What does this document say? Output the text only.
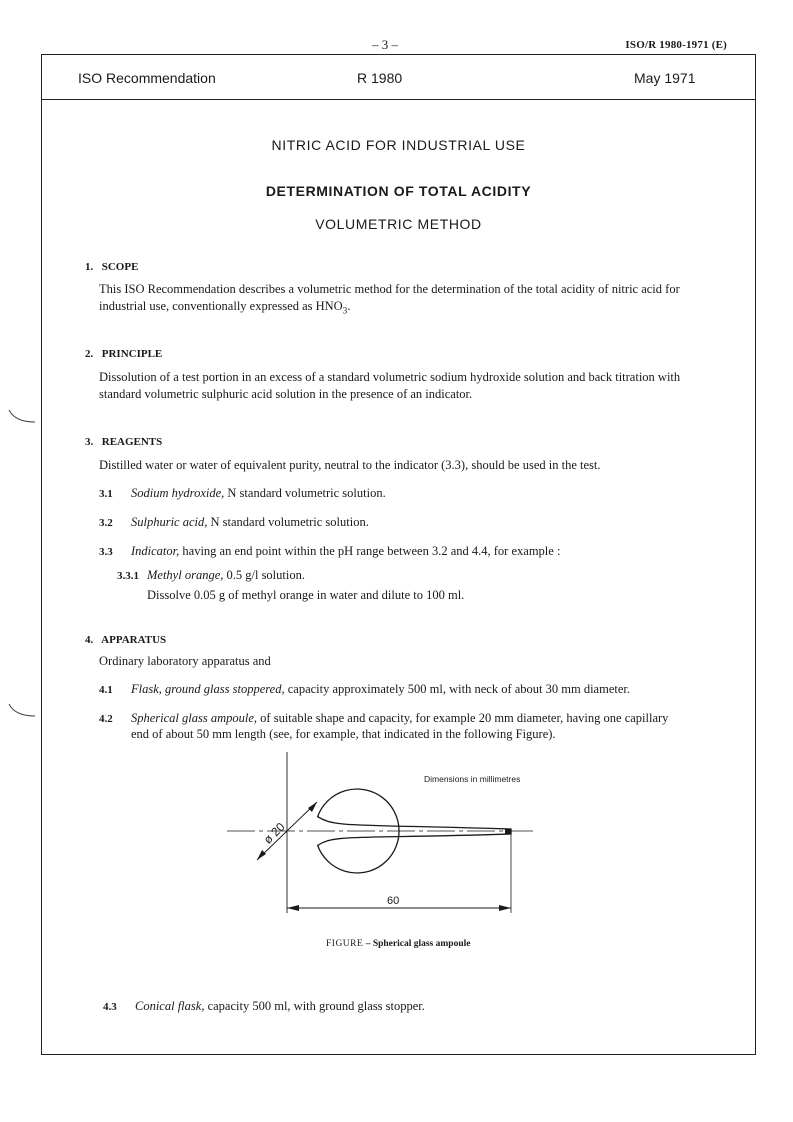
– 3 –	ISO/R 1980-1971 (E)
ISO Recommendation	R 1980	May 1971
NITRIC ACID FOR INDUSTRIAL USE
DETERMINATION OF TOTAL ACIDITY
VOLUMETRIC METHOD
1. SCOPE
This ISO Recommendation describes a volumetric method for the determination of the total acidity of nitric acid for industrial use, conventionally expressed as $HNO_3$.
2. PRINCIPLE
Dissolution of a test portion in an excess of a standard volumetric sodium hydroxide solution and back titration with standard volumetric sulphuric acid solution in the presence of an indicator.
3. REAGENTS
Distilled water or water of equivalent purity, neutral to the indicator (3.3), should be used in the test.
3.1 Sodium hydroxide, N standard volumetric solution.
3.2 Sulphuric acid, N standard volumetric solution.
3.3 Indicator, having an end point within the pH range between 3.2 and 4.4, for example :
3.3.1 Methyl orange, 0.5 g/l solution.
Dissolve 0.05 g of methyl orange in water and dilute to 100 ml.
4. APPARATUS
Ordinary laboratory apparatus and
4.1 Flask, ground glass stoppered, capacity approximately 500 ml, with neck of about 30 mm diameter.
4.2 Spherical glass ampoule, of suitable shape and capacity, for example 20 mm diameter, having one capillary
end of about 50 mm length (see, for example, that indicated in the following Figure).
ø 20
Dimensions in millimetres
60
FIGURE – Spherical glass ampoule
4.3 Conical flask, capacity 500 ml, with ground glass stopper.
